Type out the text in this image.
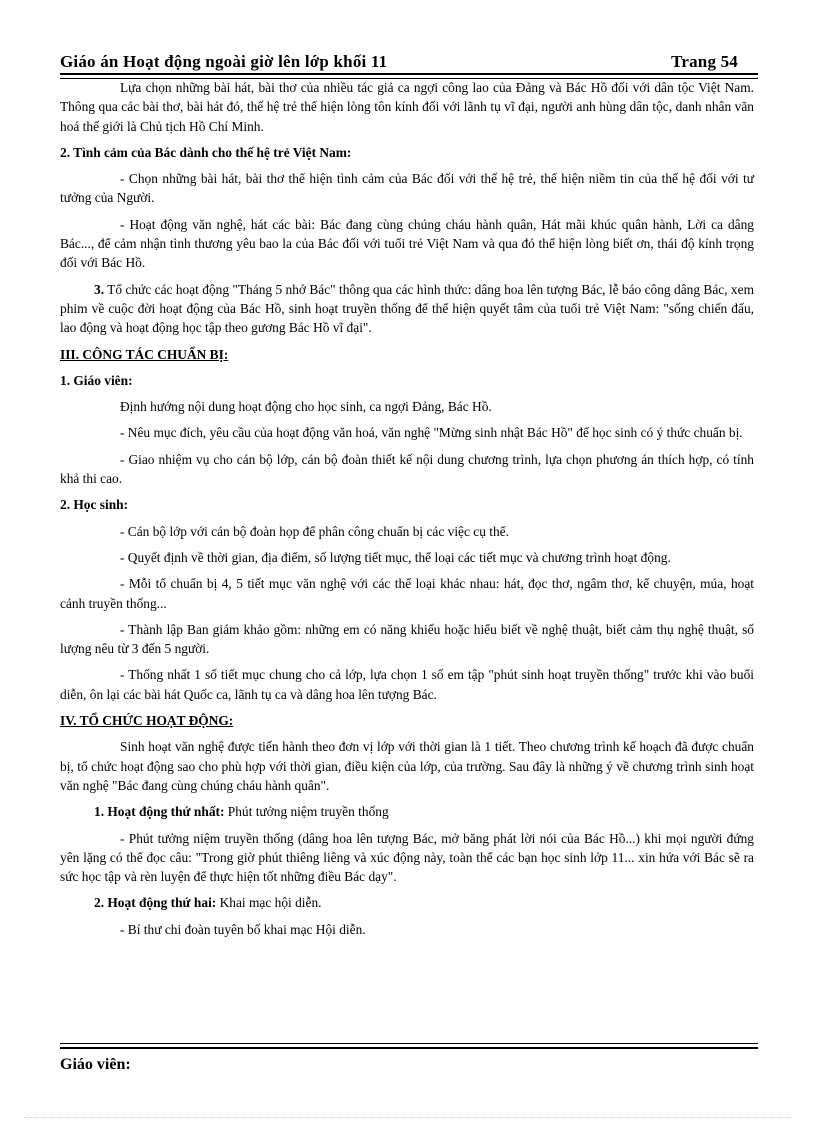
Giáo án Hoạt động ngoài giờ lên lớp khối 11	Trang 54

Lựa chọn những bài hát, bài thơ của nhiều tác giả ca ngợi công lao của Đảng và Bác Hồ đối với dân tộc Việt Nam. Thông qua các bài thơ, bài hát đó, thế hệ trẻ thể hiện lòng tôn kính đối với lãnh tụ vĩ đại, người anh hùng dân tộc, danh nhân văn hoá thế giới là Chủ tịch Hồ Chí Minh.

2. Tình cảm của Bác dành cho thế hệ trẻ Việt Nam:

- Chọn những bài hát, bài thơ thể hiện tình cảm của Bác đối với thế hệ trẻ, thể hiện niềm tin của thế hệ đối với tư tưởng của Người.

- Hoạt động văn nghệ, hát các bài: Bác đang cùng chúng cháu hành quân, Hát mãi khúc quân hành, Lời ca dâng Bác..., để cảm nhận tình thương yêu bao la của Bác đối với tuổi trẻ Việt Nam và qua đó thể hiện lòng biết ơn, thái độ kính trọng đối với Bác Hồ.

3. Tổ chức các hoạt động "Tháng 5 nhớ Bác" thông qua các hình thức: dâng hoa lên tượng Bác, lễ báo công dâng Bác, xem phim về cuộc đời hoạt động của Bác Hồ, sinh hoạt truyền thống để thể hiện quyết tâm của tuổi trẻ Việt Nam: "sống chiến đấu, lao động và hoạt động học tập theo gương Bác Hồ vĩ đại".

III. CÔNG TÁC CHUẨN BỊ:

1. Giáo viên:

Định hướng nội dung hoạt động cho học sinh, ca ngợi Đảng, Bác Hồ.

- Nêu mục đích, yêu cầu của hoạt động văn hoá, văn nghệ "Mừng sinh nhật Bác Hồ" để học sinh có ý thức chuẩn bị.

- Giao nhiệm vụ cho cán bộ lớp, cán bộ đoàn thiết kế nội dung chương trình, lựa chọn phương án thích hợp, có tính khả thi cao.

2. Học sinh:

- Cán bộ lớp với cán bộ đoàn họp để phân công chuẩn bị các việc cụ thể.

- Quyết định về thời gian, địa điểm, số lượng tiết mục, thể loại các tiết mục và chương trình hoạt động.

- Mỗi tổ chuẩn bị 4, 5 tiết mục văn nghệ với các thể loại khác nhau: hát, đọc thơ, ngâm thơ, kể chuyện, múa, hoạt cảnh truyền thống...

- Thành lập Ban giám khảo gồm: những em có năng khiếu hoặc hiểu biết về nghệ thuật, biết cảm thụ nghệ thuật, số lượng nêu từ 3 đến 5 người.

- Thống nhất 1 số tiết mục chung cho cả lớp, lựa chọn 1 số em tập "phút sinh hoạt truyền thống" trước khi vào buổi diễn, ôn lại các bài hát Quốc ca, lãnh tụ ca và dâng hoa lên tượng Bác.

IV. TỔ CHỨC HOẠT ĐỘNG:

Sinh hoạt văn nghệ được tiến hành theo đơn vị lớp với thời gian là 1 tiết. Theo chương trình kế hoạch đã được chuẩn bị, tổ chức hoạt động sao cho phù hợp với thời gian, điều kiện của lớp, của trường. Sau đây là những ý về chương trình sinh hoạt văn nghệ "Bác đang cùng chúng cháu hành quân".

1. Hoạt động thứ nhất: Phút tưởng niệm truyền thống

- Phút tưởng niệm truyền thống (dâng hoa lên tượng Bác, mở băng phát lời nói của Bác Hồ...) khi mọi người đứng yên lặng có thể đọc câu: "Trong giờ phút thiêng liêng và xúc động này, toàn thể các bạn học sinh lớp 11... xin hứa với Bác sẽ ra sức học tập và rèn luyện để thực hiện tốt những điều Bác dạy".

2. Hoạt động thứ hai: Khai mạc hội diễn.

- Bí thư chi đoàn tuyên bố khai mạc Hội diễn.

Giáo viên:
